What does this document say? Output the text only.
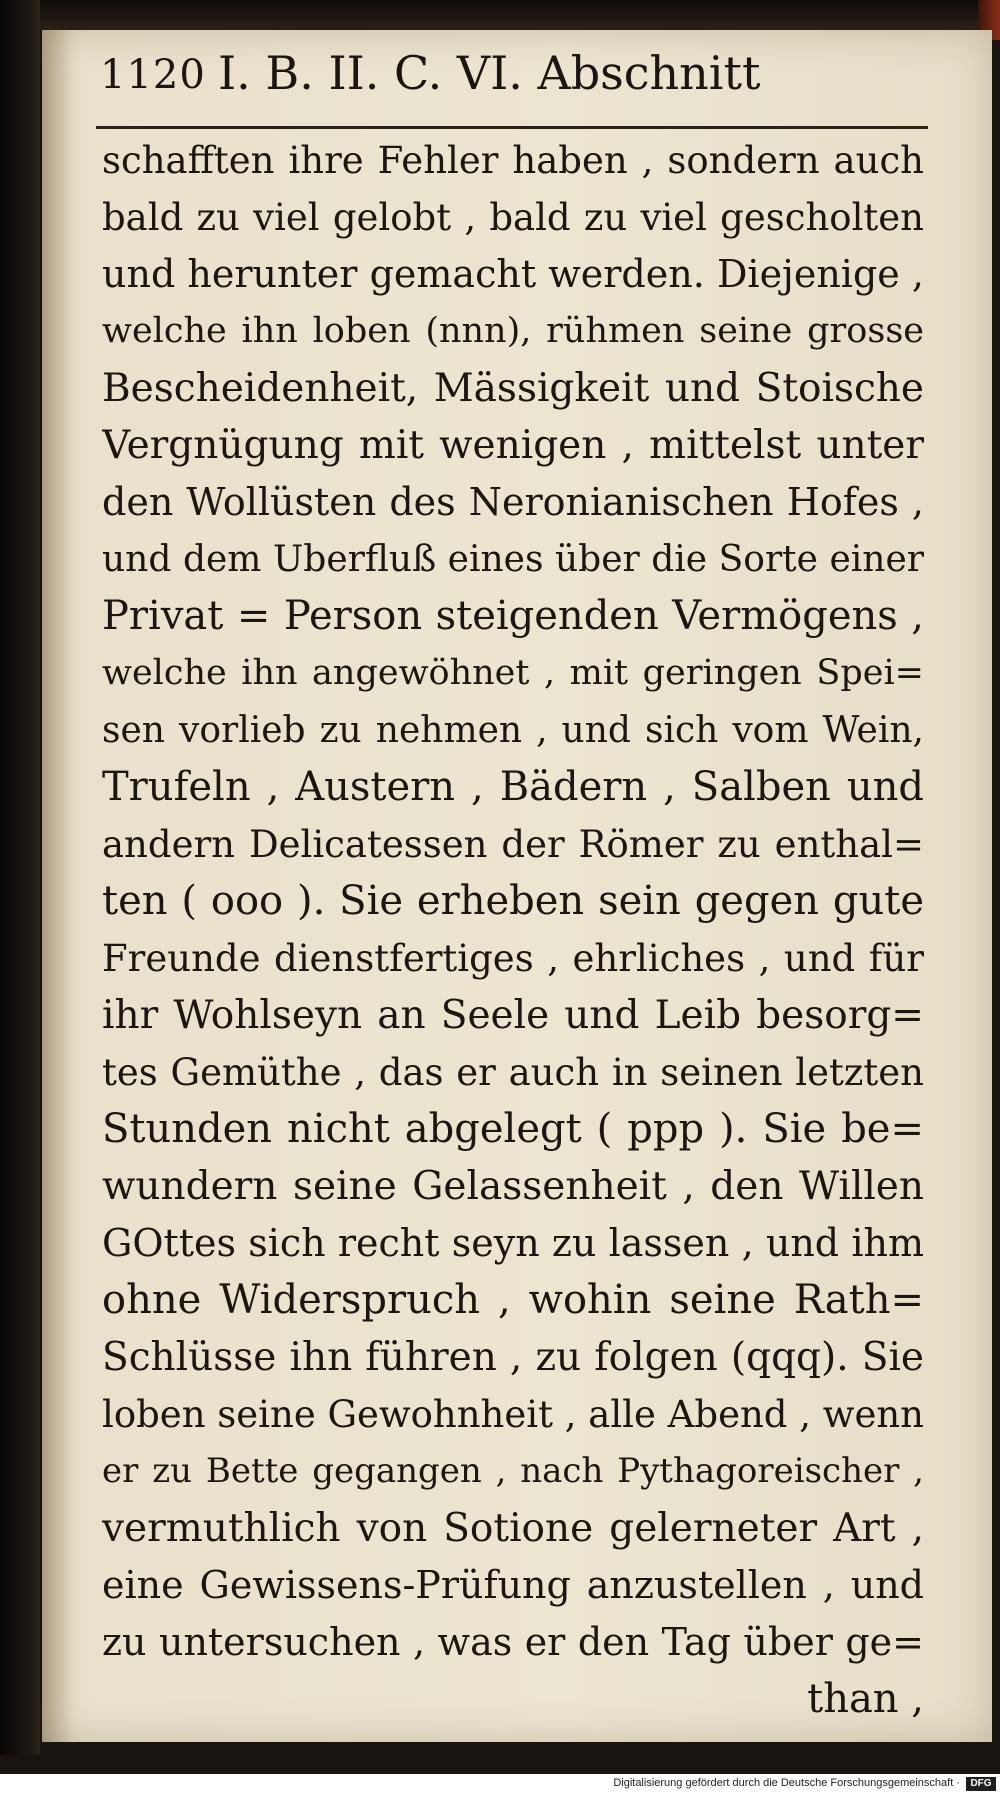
1120 I. B. II. C. VI. Abschnitt
schafften ihre Fehler haben , sondern auch
bald zu viel gelobt , bald zu viel gescholten
und herunter gemacht werden. Diejenige ,
welche ihn loben (nnn), rühmen seine grosse
Bescheidenheit, Mässigkeit und Stoische
Vergnügung mit wenigen , mittelst unter
den Wollüsten des Neronianischen Hofes ,
und dem Uberfluß eines über die Sorte einer
Privat = Person steigenden Vermögens ,
welche ihn angewöhnet , mit geringen Spei=
sen vorlieb zu nehmen , und sich vom Wein,
Trufeln , Austern , Bädern , Salben und
andern Delicatessen der Römer zu enthal=
ten ( ooo ). Sie erheben sein gegen gute
Freunde dienstfertiges , ehrliches , und für
ihr Wohlseyn an Seele und Leib besorg=
tes Gemüthe , das er auch in seinen letzten
Stunden nicht abgelegt ( ppp ). Sie be=
wundern seine Gelassenheit , den Willen
GOttes sich recht seyn zu lassen , und ihm
ohne Widerspruch , wohin seine Rath=
Schlüsse ihn führen , zu folgen (qqq). Sie
loben seine Gewohnheit , alle Abend , wenn
er zu Bette gegangen , nach Pythagoreischer ,
vermuthlich von Sotione gelerneter Art ,
eine Gewissens-Prüfung anzustellen , und
zu untersuchen , was er den Tag über ge=
than ,
Digitalisierung gefördert durch die Deutsche Forschungsgemeinschaft ·	DFG
